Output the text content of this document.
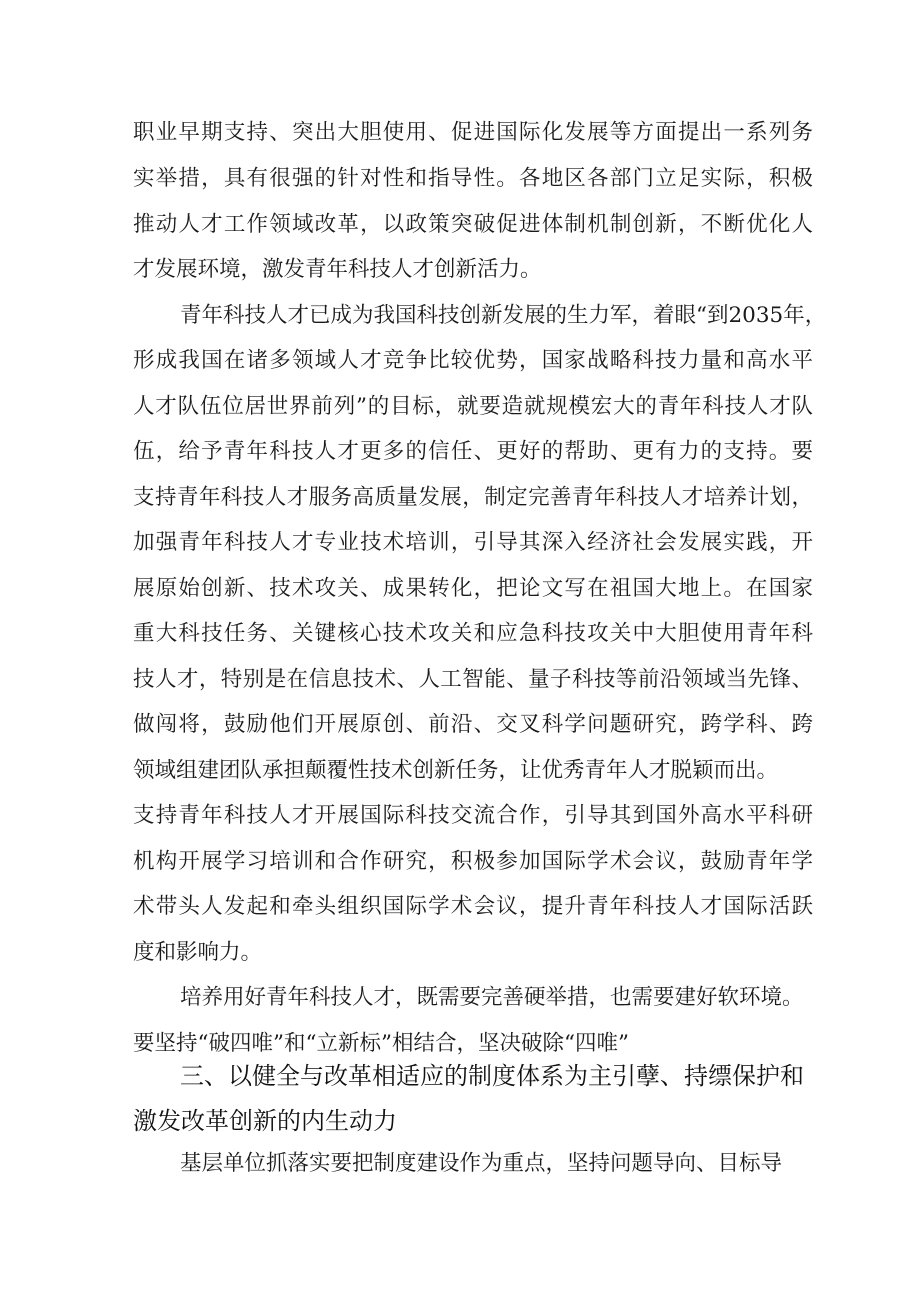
职业早期支持、突出大胆使用、促进国际化发展等方面提出一系列务
实举措，具有很强的针对性和指导性。各地区各部门立足实际，积极
推动人才工作领域改革，以政策突破促进体制机制创新，不断优化人
才发展环境，激发青年科技人才创新活力。
青年科技人才已成为我国科技创新发展的生力军，着眼“到2035年，
形成我国在诸多领域人才竞争比较优势，国家战略科技力量和高水平
人才队伍位居世界前列”的目标，就要造就规模宏大的青年科技人才队
伍，给予青年科技人才更多的信任、更好的帮助、更有力的支持。要
支持青年科技人才服务高质量发展，制定完善青年科技人才培养计划，
加强青年科技人才专业技术培训，引导其深入经济社会发展实践，开
展原始创新、技术攻关、成果转化，把论文写在祖国大地上。在国家
重大科技任务、关键核心技术攻关和应急科技攻关中大胆使用青年科
技人才，特别是在信息技术、人工智能、量子科技等前沿领域当先锋、
做闯将，鼓励他们开展原创、前沿、交叉科学问题研究，跨学科、跨
领域组建团队承担颠覆性技术创新任务，让优秀青年人才脱颖而出。
支持青年科技人才开展国际科技交流合作，引导其到国外高水平科研
机构开展学习培训和合作研究，积极参加国际学术会议，鼓励青年学
术带头人发起和牵头组织国际学术会议，提升青年科技人才国际活跃
度和影响力。
培养用好青年科技人才，既需要完善硬举措，也需要建好软环境。
要坚持“破四唯”和“立新标”相结合，坚决破除“四唯”
三、以健全与改革相适应的制度体系为主引孽、持缥保护和
激发改革创新的内生动力
基层单位抓落实要把制度建设作为重点，坚持问题导向、目标导
